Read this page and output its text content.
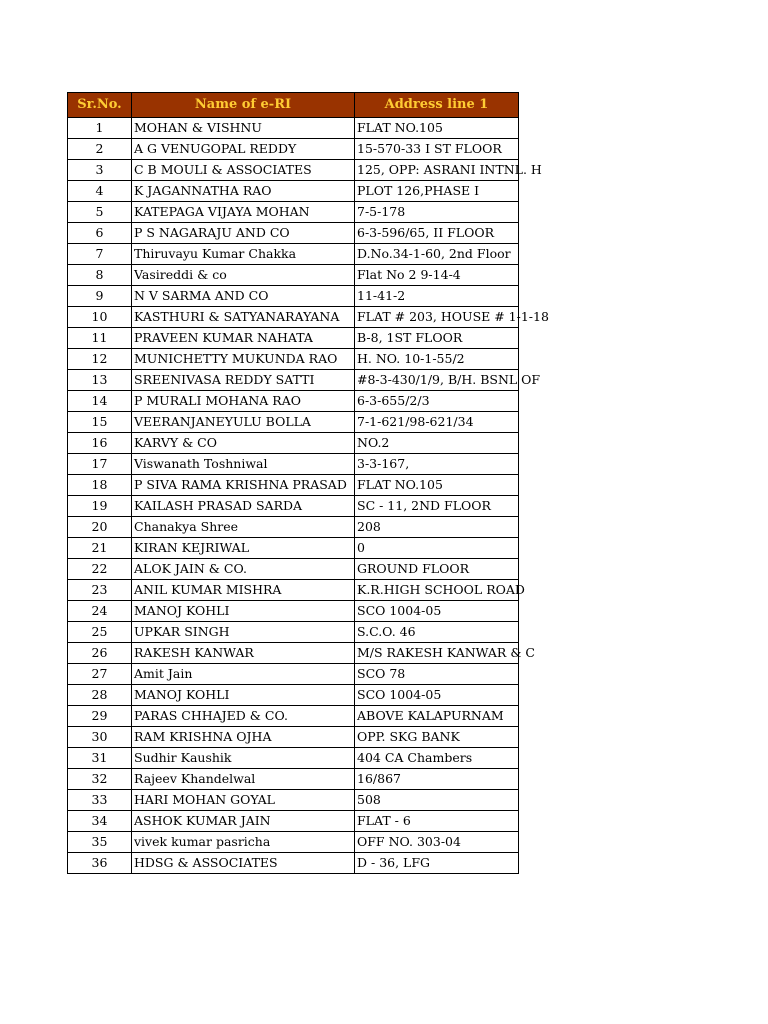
Sr.No.	Name of e-RI	Address line 1
1	MOHAN & VISHNU	FLAT NO.105
2	A G VENUGOPAL REDDY	15-570-33 I ST FLOOR
3	C B MOULI & ASSOCIATES	125, OPP: ASRANI INTNL. H
4	K JAGANNATHA RAO	PLOT 126,PHASE I
5	KATEPAGA VIJAYA MOHAN	7-5-178
6	P S NAGARAJU AND CO	6-3-596/65, II FLOOR
7	Thiruvayu Kumar Chakka	D.No.34-1-60, 2nd Floor
8	Vasireddi & co	Flat No 2 9-14-4
9	N V SARMA AND CO	11-41-2
10	KASTHURI & SATYANARAYANA	FLAT # 203, HOUSE # 1-1-18
11	PRAVEEN KUMAR NAHATA	B-8, 1ST FLOOR
12	MUNICHETTY MUKUNDA RAO	H. NO. 10-1-55/2
13	SREENIVASA REDDY SATTI	#8-3-430/1/9, B/H. BSNL OF
14	P MURALI MOHANA RAO	6-3-655/2/3
15	VEERANJANEYULU BOLLA	7-1-621/98-621/34
16	KARVY & CO	NO.2
17	Viswanath Toshniwal	3-3-167,
18	P SIVA RAMA KRISHNA PRASAD	FLAT NO.105
19	KAILASH PRASAD SARDA	SC - 11, 2ND FLOOR
20	Chanakya Shree	208
21	KIRAN KEJRIWAL	0
22	ALOK JAIN & CO.	GROUND FLOOR
23	ANIL KUMAR MISHRA	K.R.HIGH SCHOOL ROAD
24	MANOJ KOHLI	SCO 1004-05
25	UPKAR SINGH	S.C.O. 46
26	RAKESH KANWAR	M/S RAKESH KANWAR & C
27	Amit Jain	SCO 78
28	MANOJ KOHLI	SCO 1004-05
29	PARAS CHHAJED & CO.	ABOVE KALAPURNAM
30	RAM KRISHNA OJHA	OPP. SKG BANK
31	Sudhir Kaushik	404 CA Chambers
32	Rajeev Khandelwal	16/867
33	HARI MOHAN GOYAL	508
34	ASHOK KUMAR JAIN	FLAT - 6
35	vivek kumar pasricha	OFF NO. 303-04
36	HDSG & ASSOCIATES	D - 36, LFG
